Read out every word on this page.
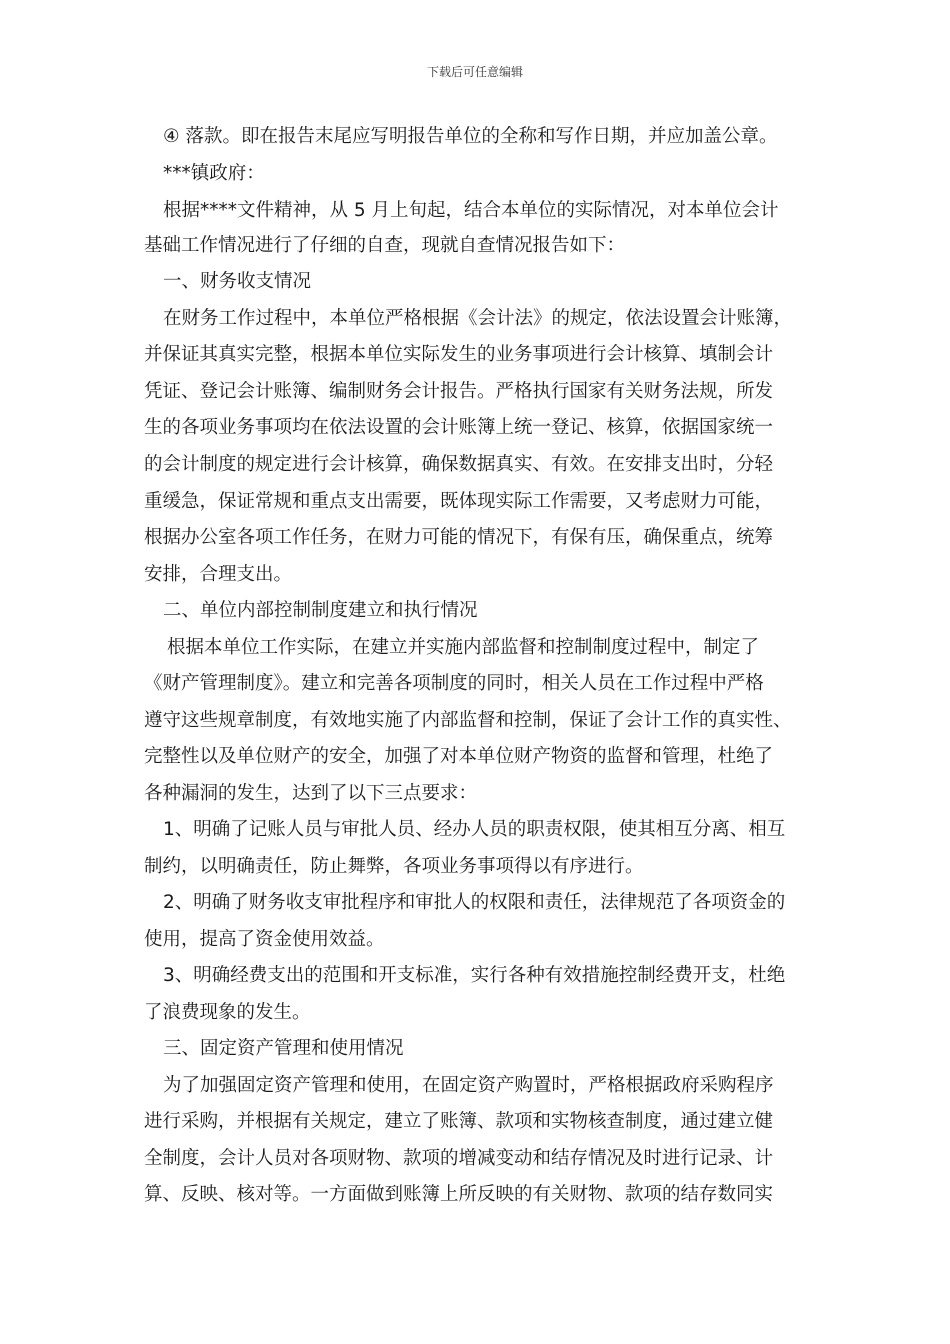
下载后可任意编辑
④ 落款。即在报告末尾应写明报告单位的全称和写作日期，并应加盖公章。
***镇政府：
根据****文件精神，从 5 月上旬起，结合本单位的实际情况，对本单位会计
基础工作情况进行了仔细的自查，现就自查情况报告如下：
一、财务收支情况
在财务工作过程中，本单位严格根据《会计法》的规定，依法设置会计账簿，
并保证其真实完整，根据本单位实际发生的业务事项进行会计核算、填制会计
凭证、登记会计账簿、编制财务会计报告。严格执行国家有关财务法规，所发
生的各项业务事项均在依法设置的会计账簿上统一登记、核算，依据国家统一
的会计制度的规定进行会计核算，确保数据真实、有效。在安排支出时，分轻
重缓急，保证常规和重点支出需要，既体现实际工作需要，又考虑财力可能，
根据办公室各项工作任务，在财力可能的情况下，有保有压，确保重点，统筹
安排，合理支出。
二、单位内部控制制度建立和执行情况
根据本单位工作实际，在建立并实施内部监督和控制制度过程中，制定了
《财产管理制度》。建立和完善各项制度的同时，相关人员在工作过程中严格
遵守这些规章制度，有效地实施了内部监督和控制，保证了会计工作的真实性、
完整性以及单位财产的安全，加强了对本单位财产物资的监督和管理，杜绝了
各种漏洞的发生，达到了以下三点要求：
1、明确了记账人员与审批人员、经办人员的职责权限，使其相互分离、相互
制约，以明确责任，防止舞弊，各项业务事项得以有序进行。
2、明确了财务收支审批程序和审批人的权限和责任，法律规范了各项资金的
使用，提高了资金使用效益。
3、明确经费支出的范围和开支标准，实行各种有效措施控制经费开支，杜绝
了浪费现象的发生。
三、固定资产管理和使用情况
为了加强固定资产管理和使用，在固定资产购置时，严格根据政府采购程序
进行采购，并根据有关规定，建立了账簿、款项和实物核查制度，通过建立健
全制度，会计人员对各项财物、款项的增减变动和结存情况及时进行记录、计
算、反映、核对等。一方面做到账簿上所反映的有关财物、款项的结存数同实
